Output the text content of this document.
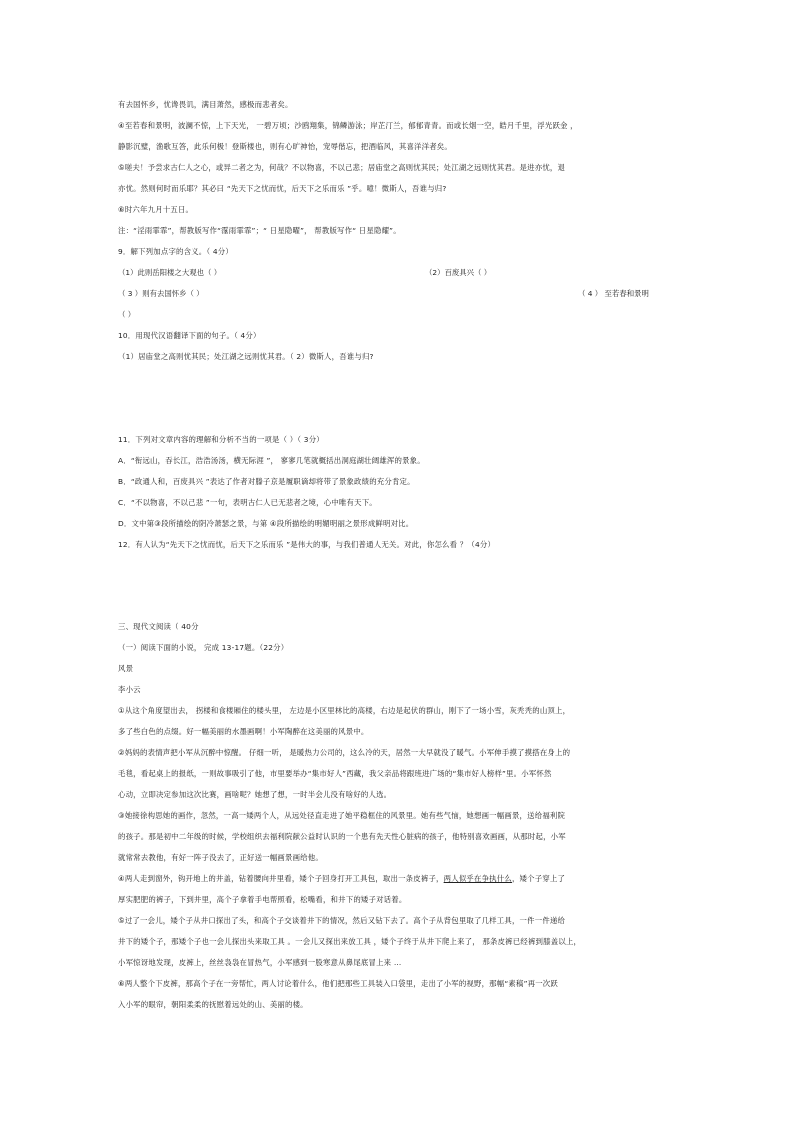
有去国怀乡，忧谗畏讥，满目萧然，感极而悲者矣。
④至若春和景明，波澜不惊，上下天光， 一碧万顷；沙鸥翔集，锦鳞游泳；岸芷汀兰，郁郁青青。而或长烟一空，皓月千里，浮光跃金 ，
静影沉璧，渔歌互答，此乐何极！登斯楼也，则有心旷神怡，宠辱偕忘，把酒临风，其喜洋洋者矣。
⑤嗟夫！予尝求古仁人之心，或异二者之为，何哉？不以物喜，不以己悲；居庙堂之高则忧其民；处江湖之远则忧其君。是进亦忧，退
亦忧。然则何时而乐耶？其必曰 “先天下之忧而忧，后天下之乐而乐 ”乎。噫！微斯人，吾谁与归?
⑥时六年九月十五日。
注：“淫雨霏霏”，帮教版写作“霪雨霏霏”；“ 日星隐曜”， 帮教版写作“ 日星隐耀”。
9．解下列加点字的含义。（ 4分）
（1）此则岳阳楼之大观也（ ）	（2）百废具兴（ ）
（ 3 ）则有去国怀乡（ ）	（ 4 ） 至若春和景明
（ ）
10．用现代汉语翻译下面的句子。（ 4分）
（1）居庙堂之高则忧其民；处江湖之远则忧其君。（ 2）微斯人，吾谁与归?
11．下列对文章内容的理解和分析不当的一项是（ ）（ 3分）
A．“衔远山，吞长江，浩浩汤汤，横无际涯 ”， 寥寥几笔就概括出洞庭湖壮阔雄浑的景象。
B．“政通人和，百废具兴 ”表达了作者对滕子京是履职谪却将带了景象政绩的充分肯定。
C．“不以物喜，不以己悲 ”一句，表明古仁人已无悲者之境，心中唯有天下。
D．文中第③段所描绘的阴冷萧瑟之景，与第 ④段所描绘的明媚明丽之景形成鲜明对比。
12．有人认为“先天下之忧而忧，后天下之乐而乐 ”是伟大的事，与我们普通人无关。对此，你怎么看 ？（4分）
三、现代文阅读（ 40分
（一）阅读下面的小说， 完成 13-17题。（22分）
风景
李小云
①从这个角度望出去， 拐楼和食楼厢住的楼头里， 左边是小区里林比的高楼，右边是起伏的群山，刚下了一场小雪，灰秃秃的山顶上，
多了些白色的点缀。好一幅美丽的水墨画啊！小军陶醉在这美丽的风景中。
②妈妈的表情声把小军从沉醉中惊醒。 仔细一听， 是暖热力公司的，这么冷的天，居然一大早就没了暖气。小军伸手摸了摸搭在身上的
毛毯，看起桌上的报纸，一则故事吸引了他，市里要举办“集市好人”西藏，我父亲品将跟班进广场的“集市好人榜样”里。小军怀然
心动，立即决定参加这次比赛，画啥呢？她想了想，一时半会儿没有啥好的人选。
③她接徐构思她的画作，忽然，一高一矮两个人，从远处径直走进了她平稳框住的风景里。她有些气恼，她想画一幅画景，送给福利院
的孩子。那是初中二年级的时候，学校组织去福利院献公益时认识的一个患有先天性心脏病的孩子，他特别喜欢画画，从那时起，小军
就常常去教他，有好一阵子没去了，正好送一幅画景画给他。
④两人走到窗外，钩开地上的井盖，钻着腰向井里看，矮个子回身打开工具包，取出一条皮裤子，两人似乎在争执什么，矮个子穿上了
厚实肥肥的裤子，下到井里，高个子拿着手电帮照看，松嘴看，和井下的矮子对话着。
⑤过了一会儿，矮个子从井口探出了头，和高个子交谈着井下的情况，然后又钻下去了。高个子从背包里取了几样工具，一件一件递给
井下的矮个子，那矮个子也一会儿探出头来取工具 。一会儿又探出来放工具 ，矮个子终于从井下爬上来了， 那条皮裤已经裤到膝盖以上，
小军惊讶地发现，皮裤上，丝丝袅袅在冒热气，小军感到一股寒意从鼻尾底冒上来 …
⑥两人整个下皮裤，那高个子在一旁帮忙，两人讨论着什么，他们把那些工具装入口袋里，走出了小军的视野，那幅“素稿”再一次跃
入小军的眼帘，朝阳柔柔的抚慰着远处的山、美丽的楼。
